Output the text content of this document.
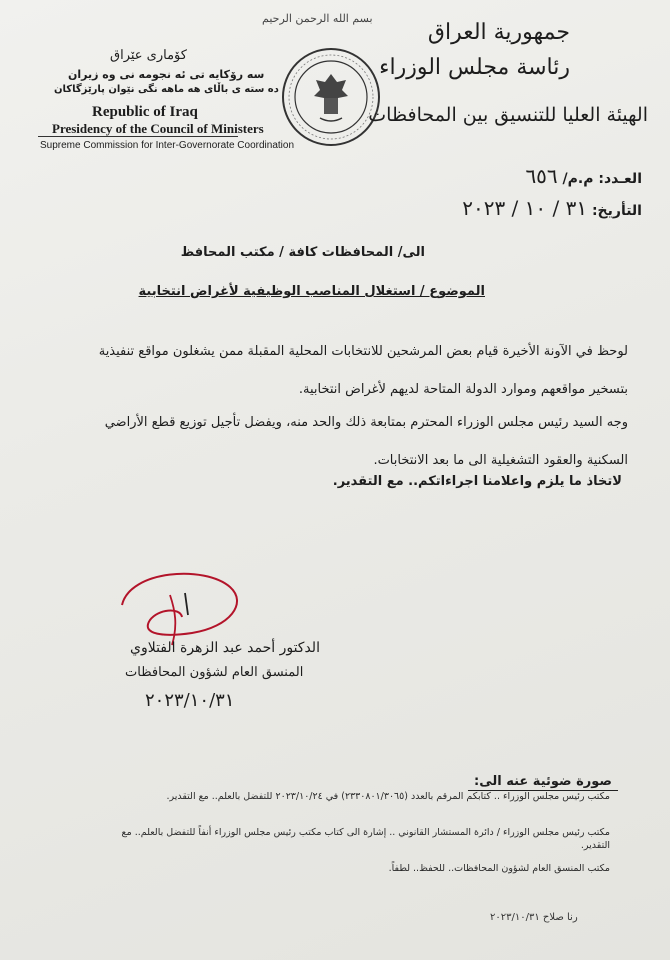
كۆمارى عێراق
سه رۆکايه تى ئه نجومه نى وه زيران
ده سته ى باڵاى هه ماهه نگى نێوان پارێزگاکان
Republic of Iraq
Presidency of the Council of Ministers
Supreme Commission for Inter-Governorate Coordination
بسم الله الرحمن الرحيم
جمهورية العراق
رئاسة مجلس الوزراء
الهيئة العليا للتنسيق بين المحافظات
العـدد: م.م/ ٦٥٦
التأريخ: ٣١ / ١٠ / ٢٠٢٣
الى/ المحافظات كافة / مكتب المحافظ
الموضوع / استغلال المناصب الوظيفية لأغراض انتخابية
لوحظ في الآونة الأخيرة قيام بعض المرشحين للانتخابات المحلية المقبلة ممن يشغلون مواقع تنفيذية بتسخير مواقعهم وموارد الدولة المتاحة لديهم لأغراض انتخابية.
وجه السيد رئيس مجلس الوزراء المحترم بمتابعة ذلك والحد منه، ويفضل تأجيل توزيع قطع الأراضي السكنية والعقود التشغيلية الى ما بعد الانتخابات.
لاتخاذ ما يلزم واعلامنا اجراءاتكم.. مع التقدير.
الدكتور أحمد عبد الزهرة الفتلاوي
المنسق العام لشؤون المحافظات
٢٠٢٣/١٠/٣١
صورة ضوئية عنه الى:
مكتب رئيس مجلس الوزراء .. كتابكم المرقم بالعدد (٢٣٣٠٨٠١/٣٠٦٥) في ٢٠٢٣/١٠/٢٤ للتفضل بالعلم.. مع التقدير.
مكتب رئيس مجلس الوزراء / دائرة المستشار القانوني .. إشارة الى كتاب مكتب رئيس مجلس الوزراء أنفاً للتفضل بالعلم.. مع التقدير.
مكتب المنسق العام لشؤون المحافظات.. للحفظ.. لطفاً.
رنا صلاح ٢٠٢٣/١٠/٣١
